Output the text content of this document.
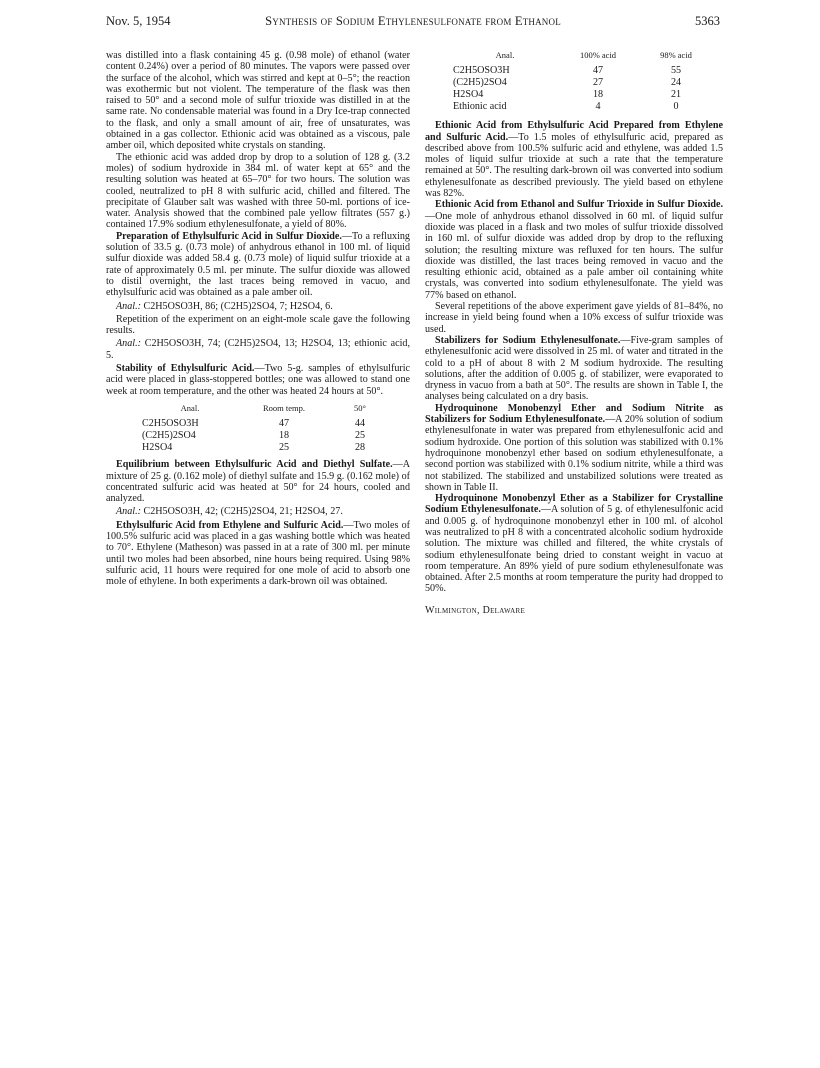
Nov. 5, 1954	Synthesis of Sodium Ethylenesulfonate from Ethanol	5363

was distilled into a flask containing 45 g. (0.98 mole) of ethanol (water content 0.24%) over a period of 80 minutes. The vapors were passed over the surface of the alcohol, which was stirred and kept at 0–5°; the reaction was exothermic but not violent. The temperature of the flask was then raised to 50° and a second mole of sulfur trioxide was distilled in at the same rate. No condensable material was found in a Dry Ice-trap connected to the flask, and only a small amount of air, free of unsaturates, was obtained in a gas collector. Ethionic acid was obtained as a viscous, pale amber oil, which deposited white crystals on standing.

The ethionic acid was added drop by drop to a solution of 128 g. (3.2 moles) of sodium hydroxide in 384 ml. of water kept at 65° and the resulting solution was heated at 65–70° for two hours. The solution was cooled, neutralized to pH 8 with sulfuric acid, chilled and filtered. The precipitate of Glauber salt was washed with three 50-ml. portions of ice-water. Analysis showed that the combined pale yellow filtrates (557 g.) contained 17.9% sodium ethylenesulfonate, a yield of 80%.

Preparation of Ethylsulfuric Acid in Sulfur Dioxide.—To a refluxing solution of 33.5 g. (0.73 mole) of anhydrous ethanol in 100 ml. of liquid sulfur dioxide was added 58.4 g. (0.73 mole) of liquid sulfur trioxide at a rate of approximately 0.5 ml. per minute. The sulfur dioxide was allowed to distil overnight, the last traces being removed in vacuo, and ethylsulfuric acid was obtained as a pale amber oil.

Anal.: C2H5OSO3H, 86; (C2H5)2SO4, 7; H2SO4, 6.

Repetition of the experiment on an eight-mole scale gave the following results.

Anal.: C2H5OSO3H, 74; (C2H5)2SO4, 13; H2SO4, 13; ethionic acid, 5.

Stability of Ethylsulfuric Acid.—Two 5-g. samples of ethylsulfuric acid were placed in glass-stoppered bottles; one was allowed to stand one week at room temperature, and the other was heated 24 hours at 50°.

Anal.	Room temp.	50°
C2H5OSO3H	47	44
(C2H5)2SO4	18	25
H2SO4	25	28

Equilibrium between Ethylsulfuric Acid and Diethyl Sulfate.—A mixture of 25 g. (0.162 mole) of diethyl sulfate and 15.9 g. (0.162 mole) of concentrated sulfuric acid was heated at 50° for 24 hours, cooled and analyzed.

Anal.: C2H5OSO3H, 42; (C2H5)2SO4, 21; H2SO4, 27.

Ethylsulfuric Acid from Ethylene and Sulfuric Acid.—Two moles of 100.5% sulfuric acid was placed in a gas washing bottle which was heated to 70°. Ethylene (Matheson) was passed in at a rate of 300 ml. per minute until two moles had been absorbed, nine hours being required. Using 98% sulfuric acid, 11 hours were required for one mole of acid to absorb one mole of ethylene. In both experiments a dark-brown oil was obtained.

Anal.	100% acid	98% acid
C2H5OSO3H	47	55
(C2H5)2SO4	27	24
H2SO4	18	21
Ethionic acid	4	0

Ethionic Acid from Ethylsulfuric Acid Prepared from Ethylene and Sulfuric Acid.—To 1.5 moles of ethylsulfuric acid, prepared as described above from 100.5% sulfuric acid and ethylene, was added 1.5 moles of liquid sulfur trioxide at such a rate that the temperature remained at 50°. The resulting dark-brown oil was converted into sodium ethylenesulfonate as described previously. The yield based on ethylene was 82%.

Ethionic Acid from Ethanol and Sulfur Trioxide in Sulfur Dioxide.—One mole of anhydrous ethanol dissolved in 60 ml. of liquid sulfur dioxide was placed in a flask and two moles of sulfur trioxide dissolved in 160 ml. of sulfur dioxide was added drop by drop to the refluxing solution; the resulting mixture was refluxed for ten hours. The sulfur dioxide was distilled, the last traces being removed in vacuo and the resulting ethionic acid, obtained as a pale amber oil containing white crystals, was converted into sodium ethylenesulfonate. The yield was 77% based on ethanol.

Several repetitions of the above experiment gave yields of 81–84%, no increase in yield being found when a 10% excess of sulfur trioxide was used.

Stabilizers for Sodium Ethylenesulfonate.—Five-gram samples of ethylenesulfonic acid were dissolved in 25 ml. of water and titrated in the cold to a pH of about 8 with 2 M sodium hydroxide. The resulting solutions, after the addition of 0.005 g. of stabilizer, were evaporated to dryness in vacuo from a bath at 50°. The results are shown in Table I, the analyses being calculated on a dry basis.

Hydroquinone Monobenzyl Ether and Sodium Nitrite as Stabilizers for Sodium Ethylenesulfonate.—A 20% solution of sodium ethylenesulfonate in water was prepared from ethylenesulfonic acid and sodium hydroxide. One portion of this solution was stabilized with 0.1% hydroquinone monobenzyl ether based on sodium ethylenesulfonate, a second portion was stabilized with 0.1% sodium nitrite, while a third was not stabilized. The stabilized and unstabilized solutions were treated as shown in Table II.

Hydroquinone Monobenzyl Ether as a Stabilizer for Crystalline Sodium Ethylenesulfonate.—A solution of 5 g. of ethylenesulfonic acid and 0.005 g. of hydroquinone monobenzyl ether in 100 ml. of alcohol was neutralized to pH 8 with a concentrated alcoholic sodium hydroxide solution. The mixture was chilled and filtered, the white crystals of sodium ethylenesulfonate being dried to constant weight in vacuo at room temperature. An 89% yield of pure sodium ethylenesulfonate was obtained. After 2.5 months at room temperature the purity had dropped to 50%.

Wilmington, Delaware
